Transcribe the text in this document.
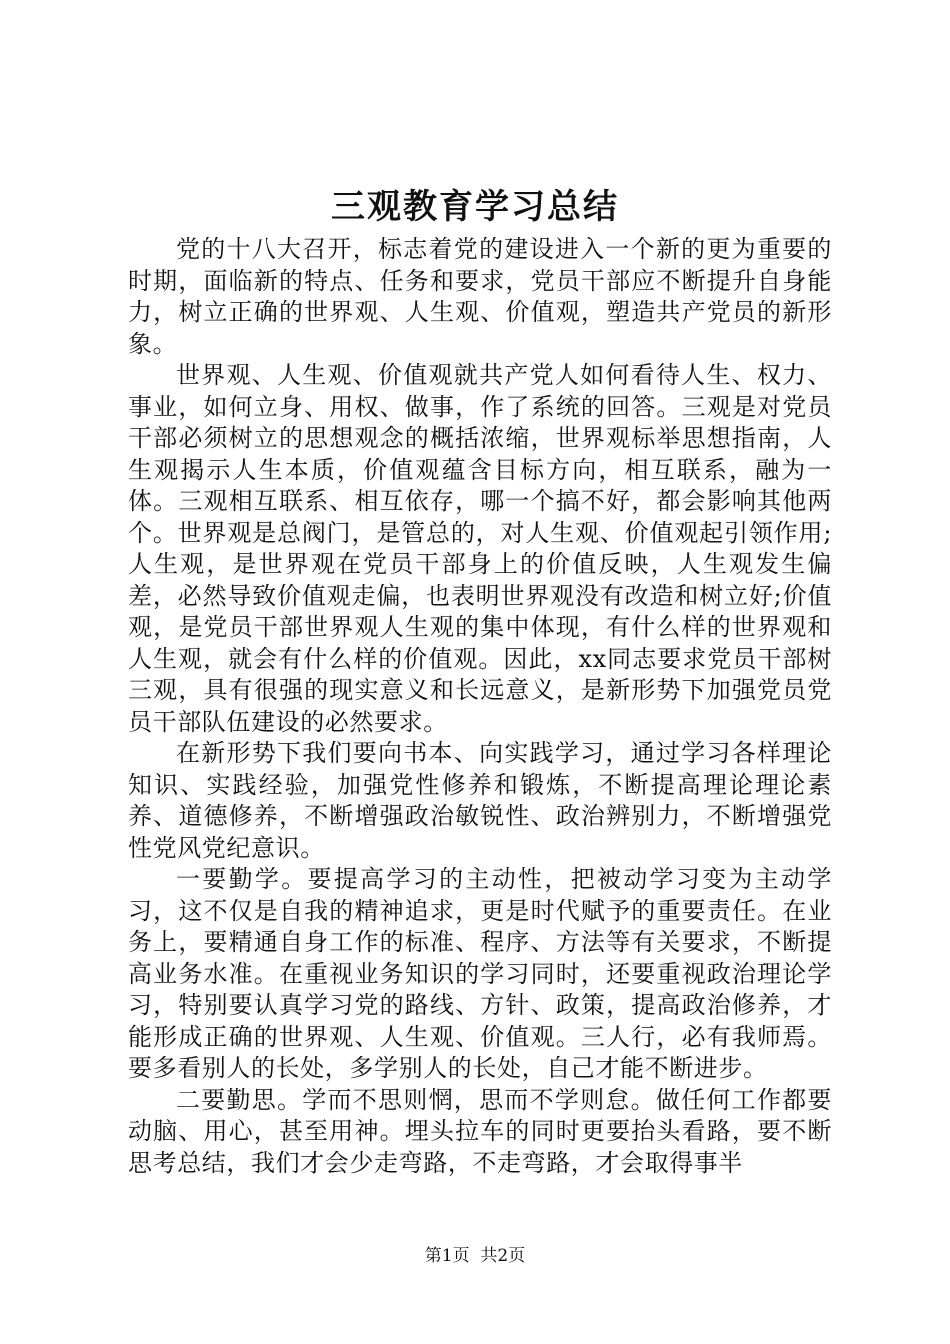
三观教育学习总结

党的十八大召开，标志着党的建设进入一个新的更为重要的时期，面临新的特点、任务和要求，党员干部应不断提升自身能力，树立正确的世界观、人生观、价值观，塑造共产党员的新形象。

世界观、人生观、价值观就共产党人如何看待人生、权力、事业，如何立身、用权、做事，作了系统的回答。三观是对党员干部必须树立的思想观念的概括浓缩，世界观标举思想指南，人生观揭示人生本质，价值观蕴含目标方向，相互联系，融为一体。三观相互联系、相互依存，哪一个搞不好，都会影响其他两个。世界观是总阀门，是管总的，对人生观、价值观起引领作用;人生观，是世界观在党员干部身上的价值反映，人生观发生偏差，必然导致价值观走偏，也表明世界观没有改造和树立好;价值观，是党员干部世界观人生观的集中体现，有什么样的世界观和人生观，就会有什么样的价值观。因此，xx同志要求党员干部树三观，具有很强的现实意义和长远意义，是新形势下加强党员党员干部队伍建设的必然要求。

在新形势下我们要向书本、向实践学习，通过学习各样理论知识、实践经验，加强党性修养和锻炼，不断提高理论理论素养、道德修养，不断增强政治敏锐性、政治辨别力，不断增强党性党风党纪意识。

一要勤学。要提高学习的主动性，把被动学习变为主动学习，这不仅是自我的精神追求，更是时代赋予的重要责任。在业务上，要精通自身工作的标准、程序、方法等有关要求，不断提高业务水准。在重视业务知识的学习同时，还要重视政治理论学习，特别要认真学习党的路线、方针、政策，提高政治修养，才能形成正确的世界观、人生观、价值观。三人行，必有我师焉。要多看别人的长处，多学别人的长处，自己才能不断进步。

二要勤思。学而不思则惘，思而不学则怠。做任何工作都要动脑、用心，甚至用神。埋头拉车的同时更要抬头看路，要不断思考总结，我们才会少走弯路，不走弯路，才会取得事半

第1页 共2页
